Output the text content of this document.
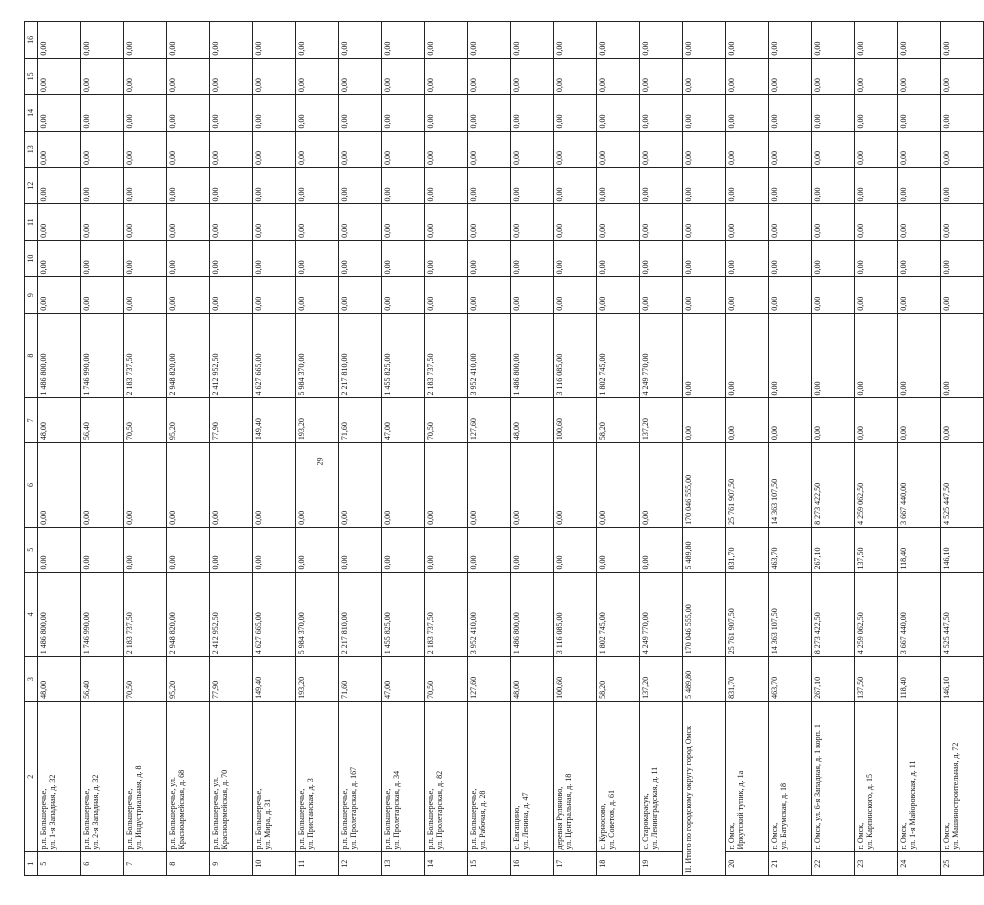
29
1	2	3	4	5	6	7	8	9	10	11	12	13	14	15	16
5	р.п. Большеречье,
ул. 1-я Западная, д. 32	48,00	1 486 800,00	0,00	0,00	48,00	1 486 800,00	0,00	0,00	0,00	0,00	0,00	0,00	0,00	0,00
6	р.п. Большеречье,
ул. 2-я Западная, д. 32	56,40	1 746 990,00	0,00	0,00	56,40	1 746 990,00	0,00	0,00	0,00	0,00	0,00	0,00	0,00	0,00
7	р.п. Большеречье,
ул. Индустриальная, д. 8	70,50	2 183 737,50	0,00	0,00	70,50	2 183 737,50	0,00	0,00	0,00	0,00	0,00	0,00	0,00	0,00
8	р.п. Большеречье, ул.
Красноармейская, д. 68	95,20	2 948 820,00	0,00	0,00	95,20	2 948 820,00	0,00	0,00	0,00	0,00	0,00	0,00	0,00	0,00
9	р.п. Большеречье, ул.
Красноармейская, д. 70	77,90	2 412 952,50	0,00	0,00	77,90	2 412 952,50	0,00	0,00	0,00	0,00	0,00	0,00	0,00	0,00
10	р.п. Большеречье,
ул. Мира, д. 31	149,40	4 627 665,00	0,00	0,00	149,40	4 627 665,00	0,00	0,00	0,00	0,00	0,00	0,00	0,00	0,00
11	р.п. Большеречье,
ул. Пристанская, д. 3	193,20	5 984 370,00	0,00	0,00	193,20	5 984 370,00	0,00	0,00	0,00	0,00	0,00	0,00	0,00	0,00
12	р.п. Большеречье,
ул. Пролетарская, д. 167	71,60	2 217 810,00	0,00	0,00	71,60	2 217 810,00	0,00	0,00	0,00	0,00	0,00	0,00	0,00	0,00
13	р.п. Большеречье,
ул. Пролетарская, д. 34	47,00	1 455 825,00	0,00	0,00	47,00	1 455 825,00	0,00	0,00	0,00	0,00	0,00	0,00	0,00	0,00
14	р.п. Большеречье,
ул. Пролетарская, д. 82	70,50	2 183 737,50	0,00	0,00	70,50	2 183 737,50	0,00	0,00	0,00	0,00	0,00	0,00	0,00	0,00
15	р.п. Большеречье,
ул. Рабочая, д. 28	127,60	3 952 410,00	0,00	0,00	127,60	3 952 410,00	0,00	0,00	0,00	0,00	0,00	0,00	0,00	0,00
16	с. Евгащино,
ул. Ленина, д. 47	48,00	1 486 800,00	0,00	0,00	48,00	1 486 800,00	0,00	0,00	0,00	0,00	0,00	0,00	0,00	0,00
17	деревня Руляново,
ул. Центральная, д. 18	100,60	3 116 085,00	0,00	0,00	100,60	3 116 085,00	0,00	0,00	0,00	0,00	0,00	0,00	0,00	0,00
18	с. Курносово,
ул. Советов, д. 61	58,20	1 802 745,00	0,00	0,00	58,20	1 802 745,00	0,00	0,00	0,00	0,00	0,00	0,00	0,00	0,00
19	с. Старокарасук,
ул. Ленинградская, д. 11	137,20	4 249 770,00	0,00	0,00	137,20	4 249 770,00	0,00	0,00	0,00	0,00	0,00	0,00	0,00	0,00
II. Итого по городскому округу город Омск		5 489,80	170 046 555,00	5 489,80	170 046 555,00	0,00	0,00	0,00	0,00	0,00	0,00	0,00	0,00	0,00	0,00
20	г. Омск,
Иркутский тупик, д. 1а	831,70	25 761 907,50	831,70	25 761 907,50	0,00	0,00	0,00	0,00	0,00	0,00	0,00	0,00	0,00	0,00
21	г. Омск,
ул. Батумская, д. 18	463,70	14 363 107,50	463,70	14 363 107,50	0,00	0,00	0,00	0,00	0,00	0,00	0,00	0,00	0,00	0,00
22	г. Омск, ул. 6-я Западная, д. 1 корп. 1	267,10	8 273 422,50	267,10	8 273 422,50	0,00	0,00	0,00	0,00	0,00	0,00	0,00	0,00	0,00	0,00
23	г. Омск,
ул. Карпинского, д. 15	137,50	4 259 062,50	137,50	4 259 062,50	0,00	0,00	0,00	0,00	0,00	0,00	0,00	0,00	0,00	0,00
24	г. Омск,
ул. 1-я Майоровская, д. 11	118,40	3 667 440,00	118,40	3 667 440,00	0,00	0,00	0,00	0,00	0,00	0,00	0,00	0,00	0,00	0,00
25	г. Омск,
ул. Машиностроительная, д. 72	146,10	4 525 447,50	146,10	4 525 447,50	0,00	0,00	0,00	0,00	0,00	0,00	0,00	0,00	0,00	0,00
